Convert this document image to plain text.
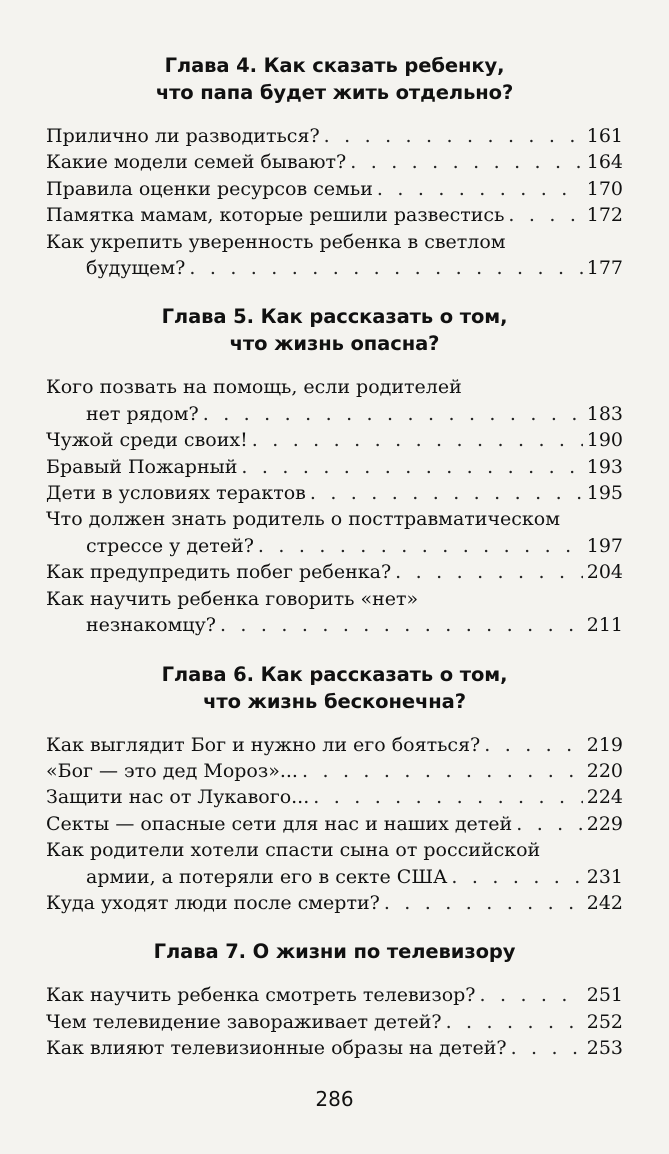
Глава 4. Как сказать ребенку,
что папа будет жить отдельно?
Прилично ли разводиться? . . .	161
Какие модели семей бывают? . . .	164
Правила оценки ресурсов семьи . . .	170
Памятка мамам, которые решили развестись . . .	172
Как укрепить уверенность ребенка в светлом
будущем? . . .	177
Глава 5. Как рассказать о том,
что жизнь опасна?
Кого позвать на помощь, если родителей
нет рядом? . . .	183
Чужой среди своих! . . .	190
Бравый Пожарный . . .	193
Дети в условиях терактов . . .	195
Что должен знать родитель о посттравматическом
стрессе у детей? . . .	197
Как предупредить побег ребенка? . . .	204
Как научить ребенка говорить «нет»
незнакомцу? . . .	211
Глава 6. Как рассказать о том,
что жизнь бесконечна?
Как выглядит Бог и нужно ли его бояться? . . .	219
«Бог — это дед Мороз»... . . .	220
Защити нас от Лукавого... . . .	224
Секты — опасные сети для нас и наших детей . . .	229
Как родители хотели спасти сына от российской
армии, а потеряли его в секте США . . .	231
Куда уходят люди после смерти? . . .	242
Глава 7. О жизни по телевизору
Как научить ребенка смотреть телевизор? . . .	251
Чем телевидение завораживает детей? . . .	252
Как влияют телевизионные образы на детей? . . .	253
286
